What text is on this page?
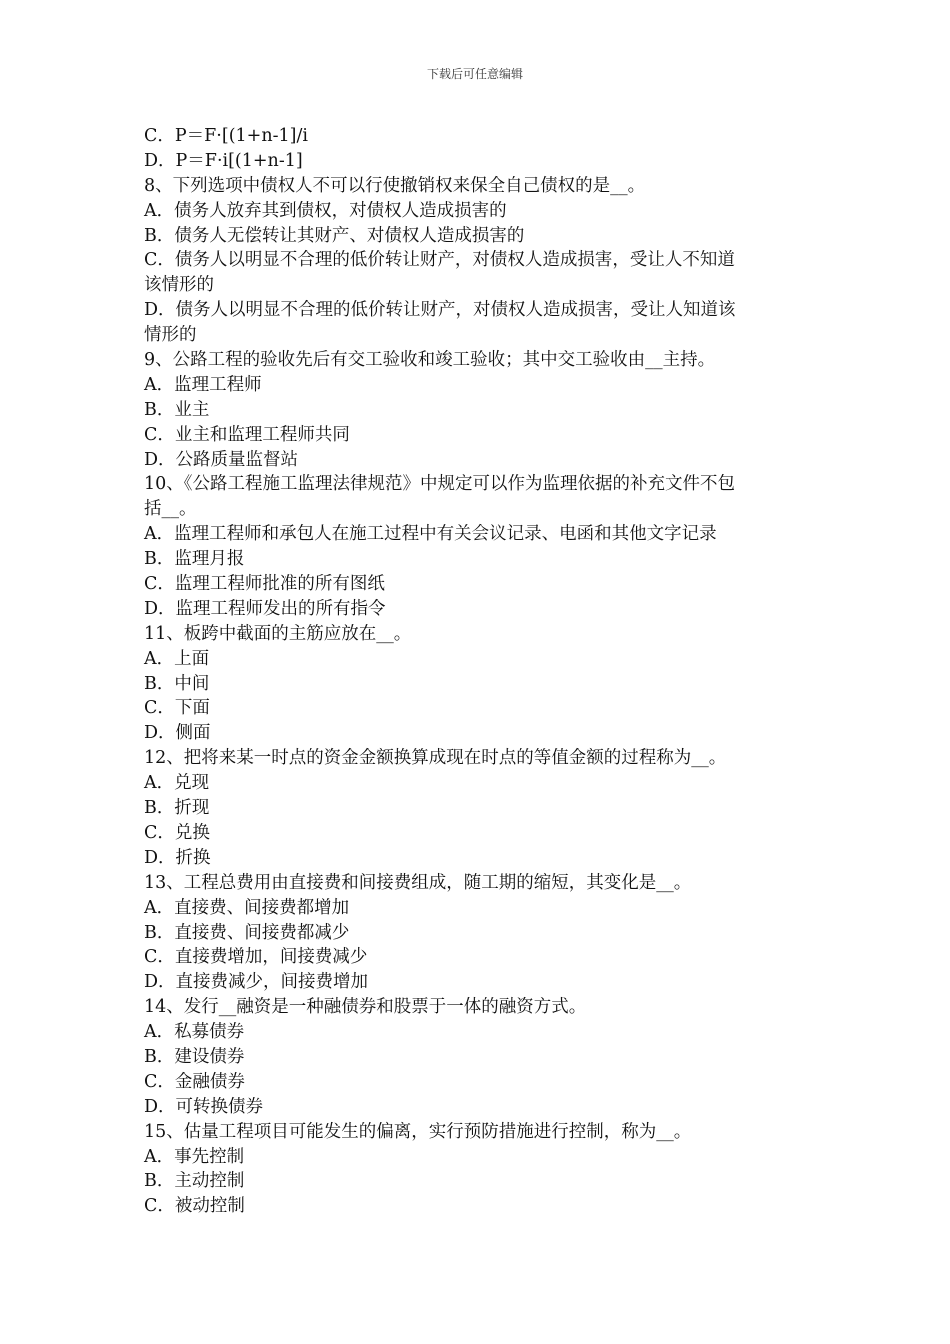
下载后可任意编辑
C．P＝F·[(1+n-1]/i
D．P＝F·i[(1+n-1]
8、下列选项中债权人不可以行使撤销权来保全自己债权的是__。
A．债务人放弃其到债权，对债权人造成损害的
B．债务人无偿转让其财产、对债权人造成损害的
C．债务人以明显不合理的低价转让财产，对债权人造成损害，受让人不知道
该情形的
D．债务人以明显不合理的低价转让财产，对债权人造成损害，受让人知道该
情形的
9、公路工程的验收先后有交工验收和竣工验收；其中交工验收由__主持。
A．监理工程师
B．业主
C．业主和监理工程师共同
D．公路质量监督站
10、《公路工程施工监理法律规范》中规定可以作为监理依据的补充文件不包
括__。
A．监理工程师和承包人在施工过程中有关会议记录、电函和其他文字记录
B．监理月报
C．监理工程师批准的所有图纸
D．监理工程师发出的所有指令
11、板跨中截面的主筋应放在__。
A．上面
B．中间
C．下面
D．侧面
12、把将来某一时点的资金金额换算成现在时点的等值金额的过程称为__。
A．兑现
B．折现
C．兑换
D．折换
13、工程总费用由直接费和间接费组成，随工期的缩短，其变化是__。
A．直接费、间接费都增加
B．直接费、间接费都减少
C．直接费增加，间接费减少
D．直接费减少，间接费增加
14、发行__融资是一种融债券和股票于一体的融资方式。
A．私募债券
B．建设债券
C．金融债券
D．可转换债券
15、估量工程项目可能发生的偏离，实行预防措施进行控制，称为__。
A．事先控制
B．主动控制
C．被动控制
